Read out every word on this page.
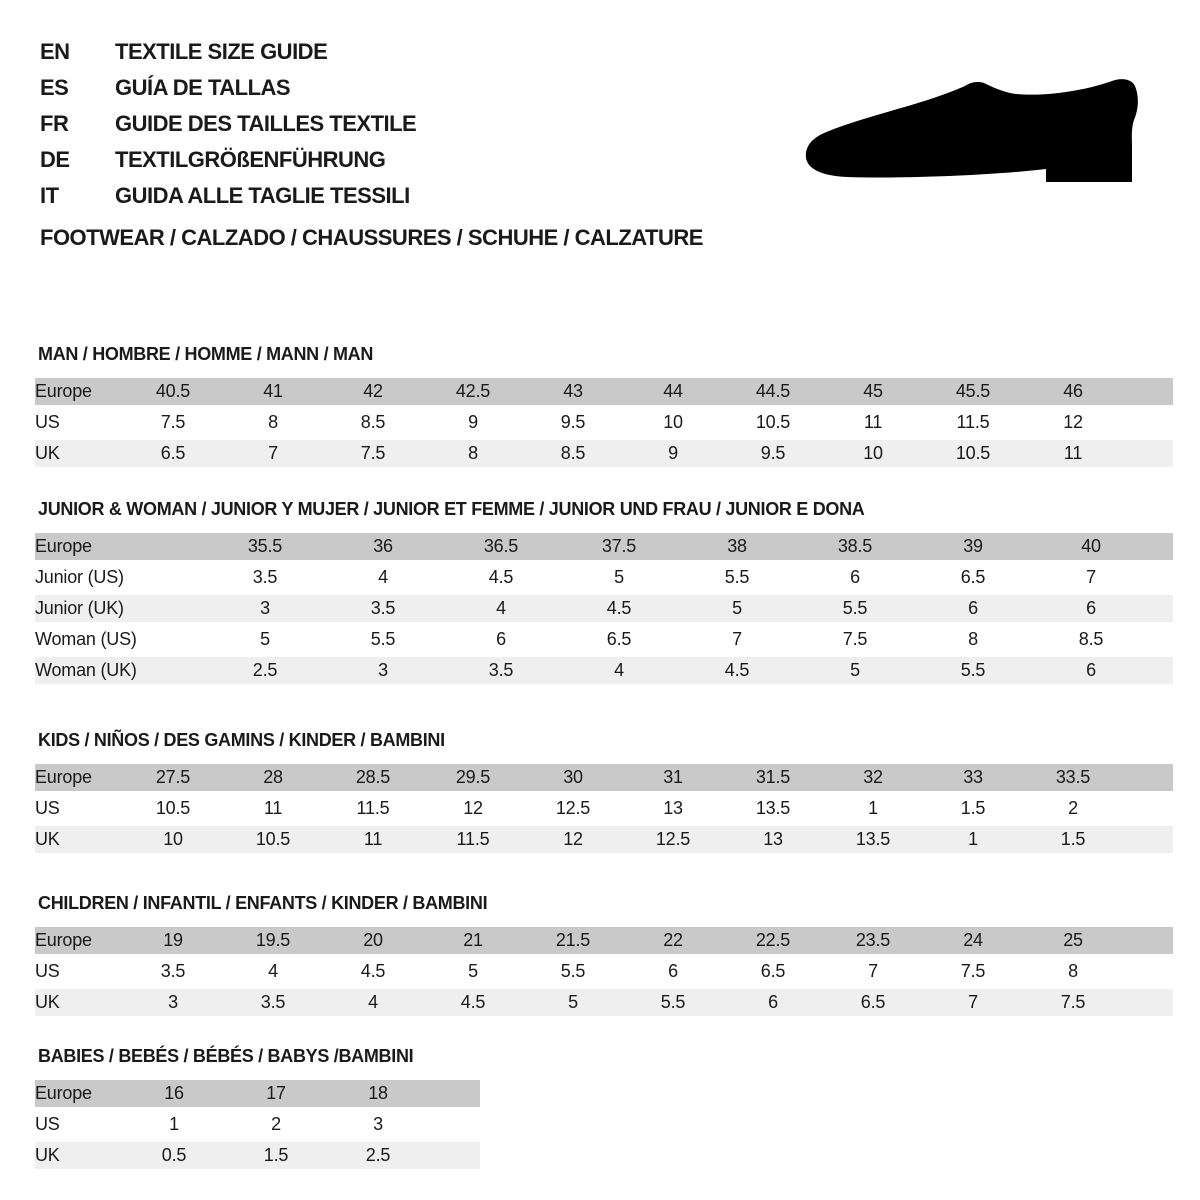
EN	TEXTILE SIZE GUIDE
ES	GUÍA DE TALLAS
FR	GUIDE DES TAILLES TEXTILE
DE	TEXTILGRÖßENFÜHRUNG
IT	GUIDA ALLE TAGLIE TESSILI
FOOTWEAR / CALZADO / CHAUSSURES / SCHUHE / CALZATURE
MAN / HOMBRE / HOMME / MANN / MAN
Europe	40.5	41	42	42.5	43	44	44.5	45	45.5	46	
US	7.5	8	8.5	9	9.5	10	10.5	11	11.5	12	
UK	6.5	7	7.5	8	8.5	9	9.5	10	10.5	11	
JUNIOR & WOMAN / JUNIOR Y MUJER / JUNIOR ET FEMME / JUNIOR UND FRAU / JUNIOR E DONA
Europe	35.5	36	36.5	37.5	38	38.5	39	40	
Junior (US)	3.5	4	4.5	5	5.5	6	6.5	7	
Junior (UK)	3	3.5	4	4.5	5	5.5	6	6	
Woman (US)	5	5.5	6	6.5	7	7.5	8	8.5	
Woman (UK)	2.5	3	3.5	4	4.5	5	5.5	6	
KIDS / NIÑOS / DES GAMINS / KINDER / BAMBINI
Europe	27.5	28	28.5	29.5	30	31	31.5	32	33	33.5	
US	10.5	11	11.5	12	12.5	13	13.5	1	1.5	2	
UK	10	10.5	11	11.5	12	12.5	13	13.5	1	1.5	
CHILDREN / INFANTIL / ENFANTS / KINDER / BAMBINI
Europe	19	19.5	20	21	21.5	22	22.5	23.5	24	25	
US	3.5	4	4.5	5	5.5	6	6.5	7	7.5	8	
UK	3	3.5	4	4.5	5	5.5	6	6.5	7	7.5	
BABIES / BEBÉS / BÉBÉS / BABYS /BAMBINI
Europe	16	17	18	
US	1	2	3	
UK	0.5	1.5	2.5	
